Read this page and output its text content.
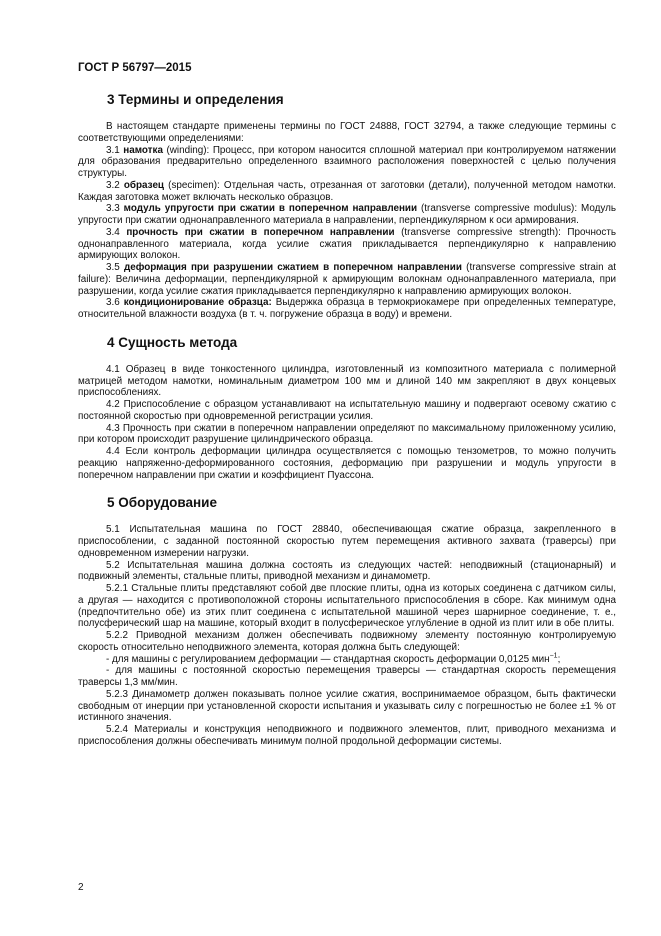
ГОСТ Р 56797—2015
3 Термины и определения

В настоящем стандарте применены термины по ГОСТ 24888, ГОСТ 32794, а также следующие термины с соответствующими определениями:

3.1 намотка (winding): Процесс, при котором наносится сплошной материал при контролируемом натяжении для образования предварительно определенного взаимного расположения поверхностей с целью получения структуры.

3.2 образец (specimen): Отдельная часть, отрезанная от заготовки (детали), полученной методом намотки. Каждая заготовка может включать несколько образцов.

3.3 модуль упругости при сжатии в поперечном направлении (transverse compressive modulus): Модуль упругости при сжатии однонаправленного материала в направлении, перпендикулярном к оси армирования.

3.4 прочность при сжатии в поперечном направлении (transverse compressive strength): Прочность однонаправленного материала, когда усилие сжатия прикладывается перпендикулярно к направлению армирующих волокон.

3.5 деформация при разрушении сжатием в поперечном направлении (transverse compressive strain at failure): Величина деформации, перпендикулярной к армирующим волокнам однонаправленного материала, при разрушении, когда усилие сжатия прикладывается перпендикулярно к направлению армирующих волокон.

3.6 кондиционирование образца: Выдержка образца в термокриокамере при определенных температуре, относительной влажности воздуха (в т. ч. погружение образца в воду) и времени.

4 Сущность метода

4.1 Образец в виде тонкостенного цилиндра, изготовленный из композитного материала с полимерной матрицей методом намотки, номинальным диаметром 100 мм и длиной 140 мм закрепляют в двух концевых приспособлениях.

4.2 Приспособление с образцом устанавливают на испытательную машину и подвергают осевому сжатию с постоянной скоростью при одновременной регистрации усилия.

4.3 Прочность при сжатии в поперечном направлении определяют по максимальному приложенному усилию, при котором происходит разрушение цилиндрического образца.

4.4 Если контроль деформации цилиндра осуществляется с помощью тензометров, то можно получить реакцию напряженно-деформированного состояния, деформацию при разрушении и модуль упругости в поперечном направлении при сжатии и коэффициент Пуассона.

5 Оборудование

5.1 Испытательная машина по ГОСТ 28840, обеспечивающая сжатие образца, закрепленного в приспособлении, с заданной постоянной скоростью путем перемещения активного захвата (траверсы) при одновременном измерении нагрузки.

5.2 Испытательная машина должна состоять из следующих частей: неподвижный (стационарный) и подвижный элементы, стальные плиты, приводной механизм и динамометр.

5.2.1 Стальные плиты представляют собой две плоские плиты, одна из которых соединена с датчиком силы, а другая — находится с противоположной стороны испытательного приспособления в сборе. Как минимум одна (предпочтительно обе) из этих плит соединена с испытательной машиной через шарнирное соединение, т. е., полусферический шар на машине, который входит в полусферическое углубление в одной из плит или в обе плиты.

5.2.2 Приводной механизм должен обеспечивать подвижному элементу постоянную контролируемую скорость относительно неподвижного элемента, которая должна быть следующей:

- для машины с регулированием деформации — стандартная скорость деформации 0,0125 мин$^{-1}$;

- для машины с постоянной скоростью перемещения траверсы — стандартная скорость перемещения траверсы 1,3 мм/мин.

5.2.3 Динамометр должен показывать полное усилие сжатия, воспринимаемое образцом, быть фактически свободным от инерции при установленной скорости испытания и указывать силу с погрешностью не более ±1 % от истинного значения.

5.2.4 Материалы и конструкция неподвижного и подвижного элементов, плит, приводного механизма и приспособления должны обеспечивать минимум полной продольной деформации системы.

2
